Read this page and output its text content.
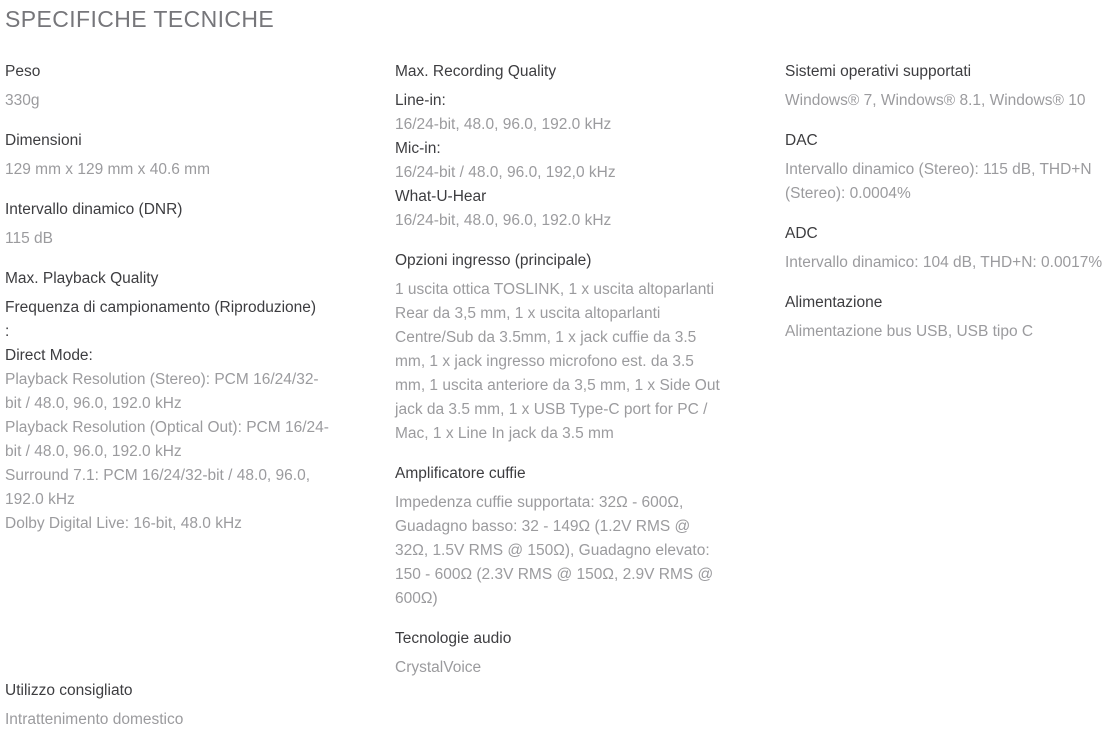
SPECIFICHE TECNICHE
Peso
330g
Dimensioni
129 mm x 129 mm x 40.6 mm
Intervallo dinamico (DNR)
115 dB
Max. Playback Quality
Frequenza di campionamento (Riproduzione)
:
Direct Mode:
Playback Resolution (Stereo): PCM 16/24/32-
bit / 48.0, 96.0, 192.0 kHz
Playback Resolution (Optical Out): PCM 16/24-
bit / 48.0, 96.0, 192.0 kHz
Surround 7.1: PCM 16/24/32-bit / 48.0, 96.0,
192.0 kHz
Dolby Digital Live: 16-bit, 48.0 kHz
Utilizzo consigliato
Intrattenimento domestico
Max. Recording Quality
Line-in:
16/24-bit, 48.0, 96.0, 192.0 kHz
Mic-in:
16/24-bit / 48.0, 96.0, 192,0 kHz
What-U-Hear
16/24-bit, 48.0, 96.0, 192.0 kHz
Opzioni ingresso (principale)
1 uscita ottica TOSLINK, 1 x uscita altoparlanti
Rear da 3,5 mm, 1 x uscita altoparlanti
Centre/Sub da 3.5mm, 1 x jack cuffie da 3.5
mm, 1 x jack ingresso microfono est. da 3.5
mm, 1 uscita anteriore da 3,5 mm, 1 x Side Out
jack da 3.5 mm, 1 x USB Type-C port for PC /
Mac, 1 x Line In jack da 3.5 mm
Amplificatore cuffie
Impedenza cuffie supportata: 32Ω - 600Ω,
Guadagno basso: 32 - 149Ω (1.2V RMS @
32Ω, 1.5V RMS @ 150Ω), Guadagno elevato:
150 - 600Ω (2.3V RMS @ 150Ω, 2.9V RMS @
600Ω)
Tecnologie audio
CrystalVoice
Sistemi operativi supportati
Windows® 7, Windows® 8.1, Windows® 10
DAC
Intervallo dinamico (Stereo): 115 dB, THD+N
(Stereo): 0.0004%
ADC
Intervallo dinamico: 104 dB, THD+N: 0.0017%
Alimentazione
Alimentazione bus USB, USB tipo C
